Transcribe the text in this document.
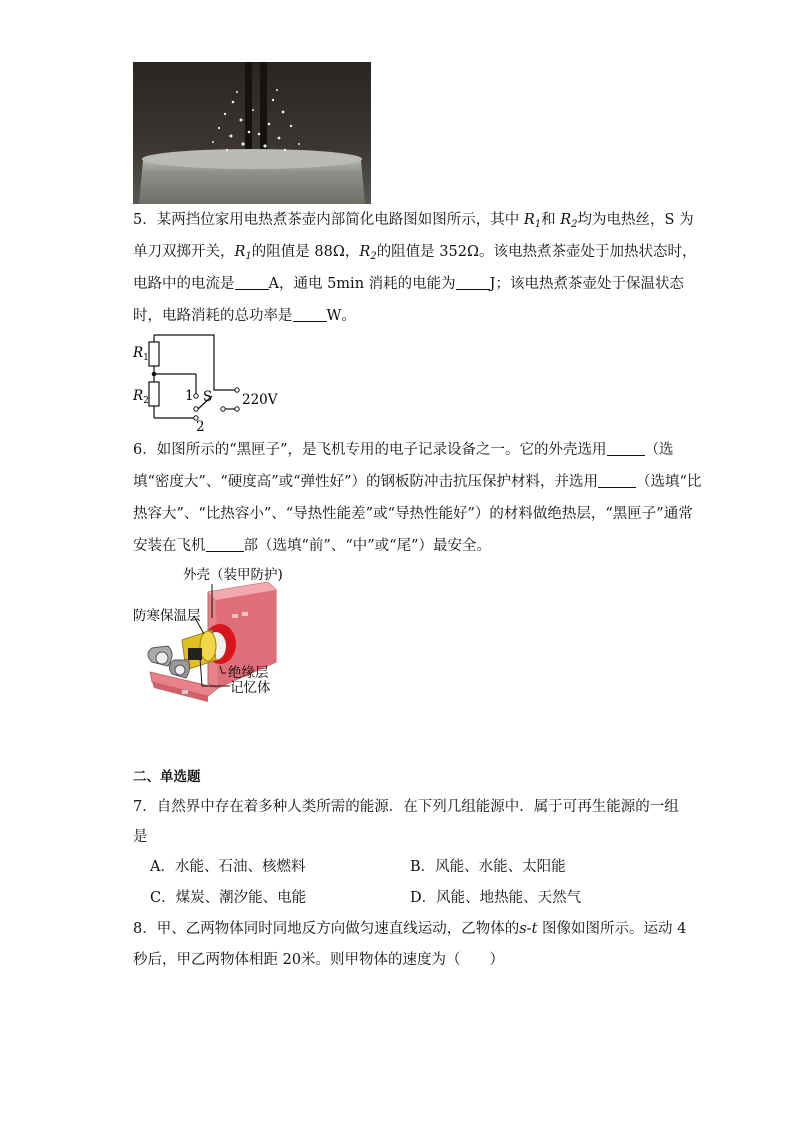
5．某两挡位家用电热煮茶壶内部简化电路图如图所示，其中 $R_1$和 $R_2$均为电热丝，S 为
单刀双掷开关，$R_1$的阻值是 88Ω，$R_2$的阻值是 352Ω。该电热煮茶壶处于加热状态时，
电路中的电流是 A，通电 5min 消耗的电能为 J；该电热煮茶壶处于保温状态
时，电路消耗的总功率是 W。
$R_1$
$R_2$	1 S
2
220V
6．如图所示的“黑匣子”，是飞机专用的电子记录设备之一。它的外壳选用	（选
填“密度大”、“硬度高”或“弹性好”）的钢板防冲击抗压保护材料，并选用	（选填“比
热容大”、“比热容小”、“导热性能差”或“导热性能好”）的材料做绝热层，“黑匣子”通常
安装在飞机	部（选填“前”、“中”或“尾”）最安全。
外壳（装甲防护)
防寒保温层
绝缘层
记忆体
二、单选题
7．自然界中存在着多种人类所需的能源．在下列几组能源中．属于可再生能源的一组
是
A．水能、石油、核燃料	B．风能、水能、太阳能
C．煤炭、潮汐能、电能	D．风能、地热能、天然气
8．甲、乙两物体同时同地反方向做匀速直线运动，乙物体的s-t 图像如图所示。运动 4
秒后，甲乙两物体相距 20米。则甲物体的速度为（　　）
